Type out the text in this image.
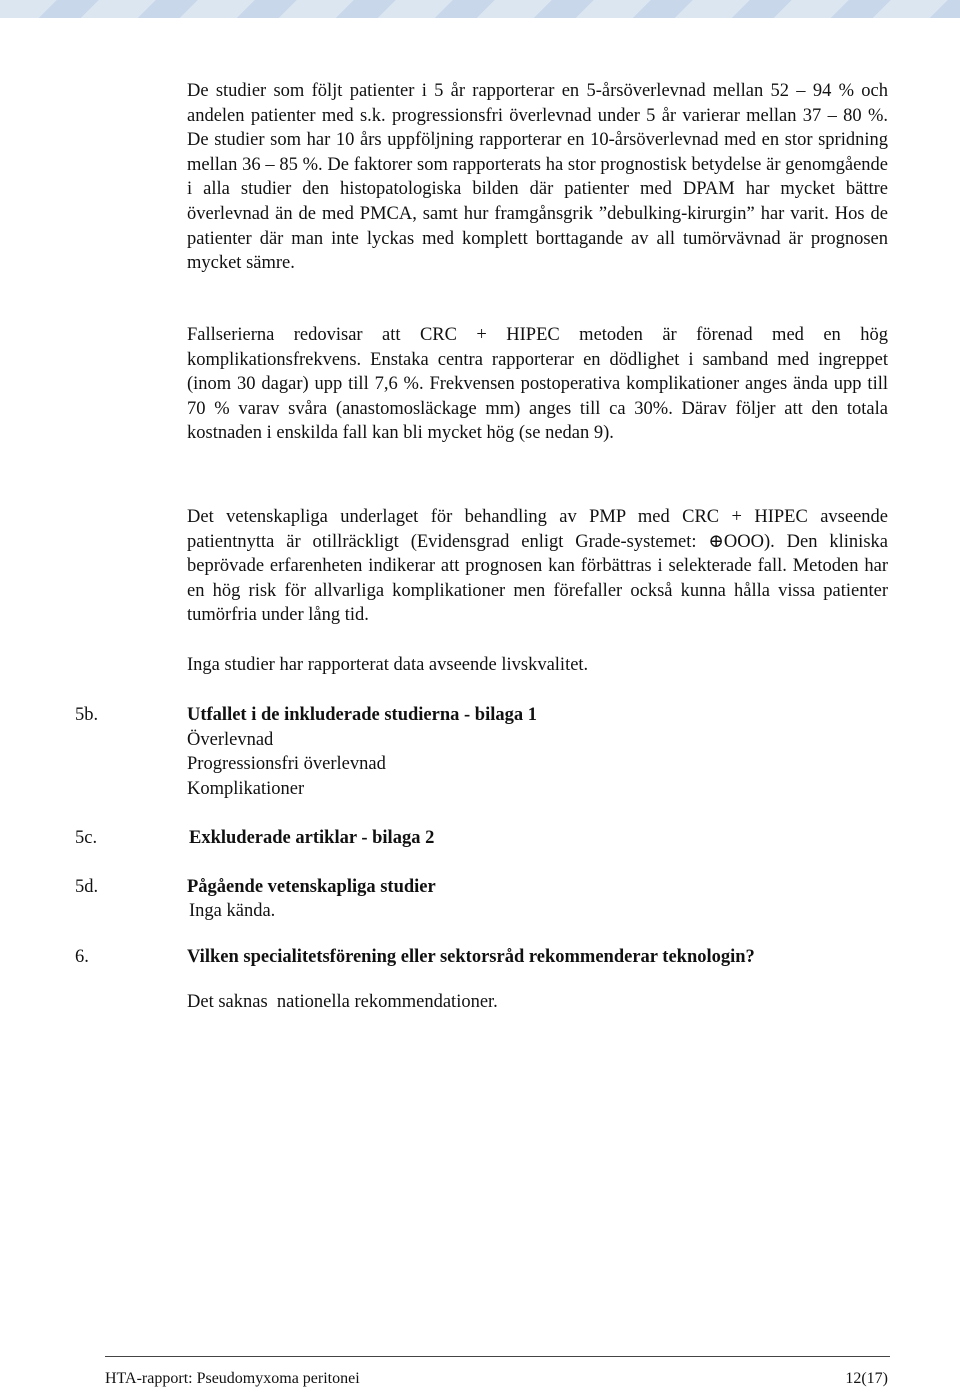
De studier som följt patienter i 5 år rapporterar en 5-årsöverlevnad mellan 52 – 94 % och andelen patienter med s.k. progressionsfri överlevnad under 5 år varierar mellan 37 – 80 %. De studier som har 10 års uppföljning rapporterar en 10-årsöverlevnad med en stor spridning mellan 36 – 85 %. De faktorer som rapporterats ha stor prognostisk betydelse är genomgående i alla studier den histopatologiska bilden där patienter med DPAM har mycket bättre överlevnad än de med PMCA, samt hur framgånsgrik ”debulking-kirurgin” har varit. Hos de patienter där man inte lyckas med komplett borttagande av all tumörvävnad är prognosen mycket sämre.

Fallserierna redovisar att CRC + HIPEC metoden är förenad med en hög komplikationsfrekvens. Enstaka centra rapporterar en dödlighet i samband med ingreppet (inom 30 dagar) upp till 7,6 %. Frekvensen postoperativa komplikationer anges ända upp till 70 % varav svåra (anastomosläckage mm) anges till ca 30%. Därav följer att den totala kostnaden i enskilda fall kan bli mycket hög (se nedan 9).

Det vetenskapliga underlaget för behandling av PMP med CRC + HIPEC avseende patientnytta är otillräckligt (Evidensgrad enligt Grade-systemet: ⊕OOO). Den kliniska beprövade erfarenheten indikerar att prognosen kan förbättras i selekterade fall. Metoden har en hög risk för allvarliga komplikationer men förefaller också kunna hålla vissa patienter tumörfria under lång tid.

Inga studier har rapporterat data avseende livskvalitet.

5b.	Utfallet i de inkluderade studierna - bilaga 1
Överlevnad
Progressionsfri överlevnad
Komplikationer
5c.	Exkluderade artiklar - bilaga 2
5d.	Pågående vetenskapliga studier
Inga kända.
6.	Vilken specialitetsförening eller sektorsråd rekommenderar teknologin?
Det saknas  nationella rekommendationer.
HTA-rapport: Pseudomyxoma peritonei	12(17)
